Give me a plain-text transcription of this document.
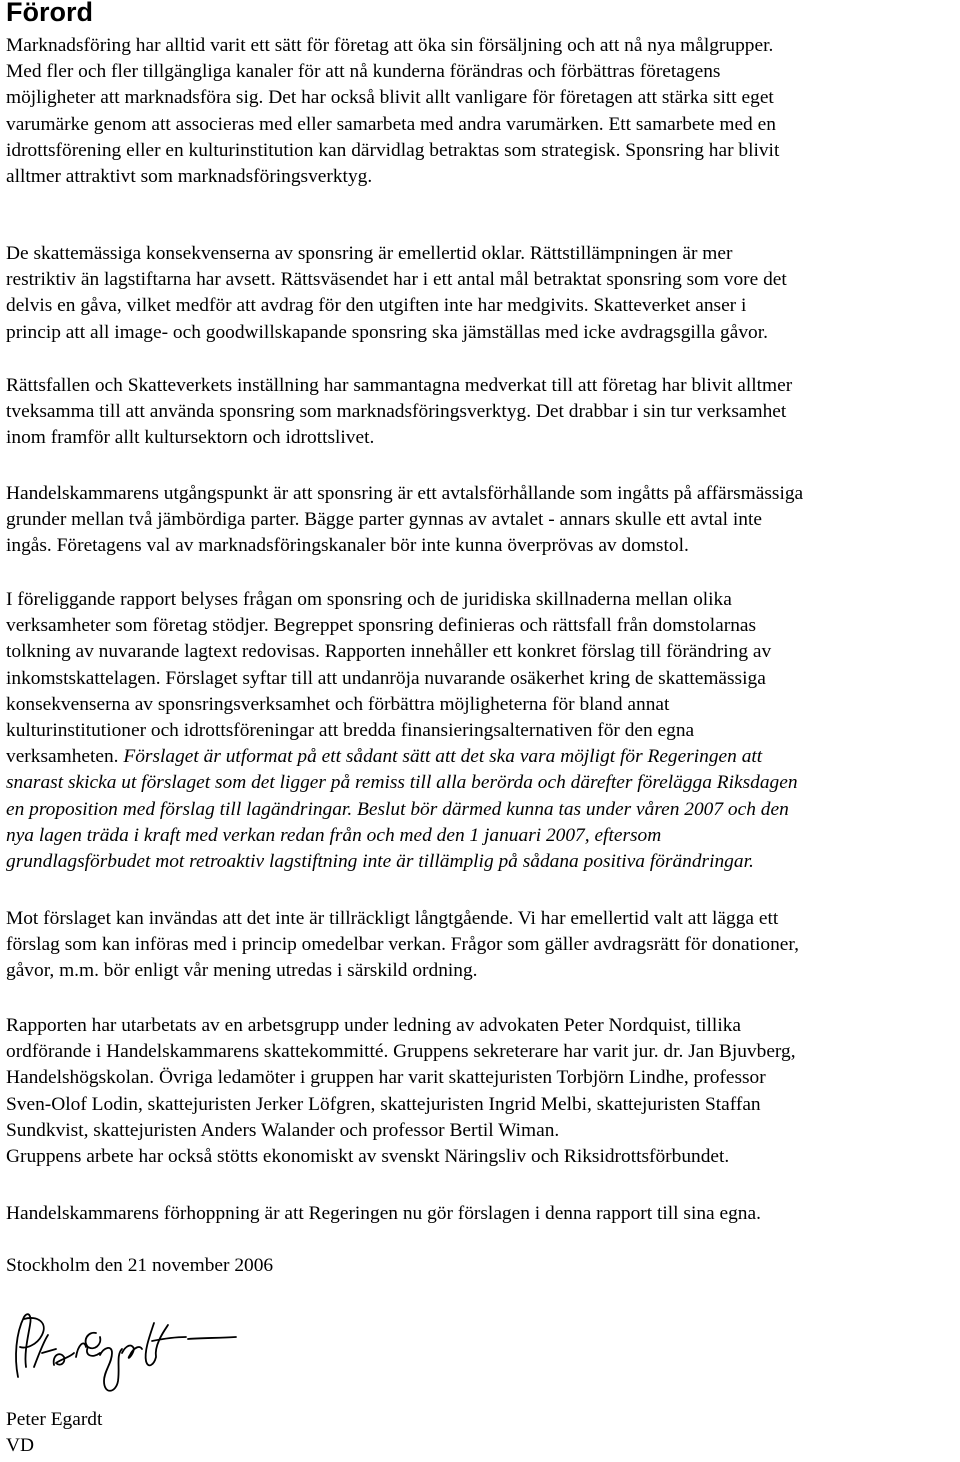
Förord

Marknadsföring har alltid varit ett sätt för företag att öka sin försäljning och att nå nya målgrupper.
Med fler och fler tillgängliga kanaler för att nå kunderna förändras och förbättras företagens
möjligheter att marknadsföra sig. Det har också blivit allt vanligare för företagen att stärka sitt eget
varumärke genom att associeras med eller samarbeta med andra varumärken. Ett samarbete med en
idrottsförening eller en kulturinstitution kan därvidlag betraktas som strategisk. Sponsring har blivit
alltmer attraktivt som marknadsföringsverktyg.

De skattemässiga konsekvenserna av sponsring är emellertid oklar. Rättstillämpningen är mer
restriktiv än lagstiftarna har avsett. Rättsväsendet har i ett antal mål betraktat sponsring som vore det
delvis en gåva, vilket medför att avdrag för den utgiften inte har medgivits. Skatteverket anser i
princip att all image- och goodwillskapande sponsring ska jämställas med icke avdragsgilla gåvor.

Rättsfallen och Skatteverkets inställning har sammantagna medverkat till att företag har blivit alltmer
tveksamma till att använda sponsring som marknadsföringsverktyg. Det drabbar i sin tur verksamhet
inom framför allt kultursektorn och idrottslivet.

Handelskammarens utgångspunkt är att sponsring är ett avtalsförhållande som ingåtts på affärsmässiga
grunder mellan två jämbördiga parter. Bägge parter gynnas av avtalet - annars skulle ett avtal inte
ingås. Företagens val av marknadsföringskanaler bör inte kunna överprövas av domstol.

I föreliggande rapport belyses frågan om sponsring och de juridiska skillnaderna mellan olika
verksamheter som företag stödjer. Begreppet sponsring definieras och rättsfall från domstolarnas
tolkning av nuvarande lagtext redovisas. Rapporten innehåller ett konkret förslag till förändring av
inkomstskattelagen. Förslaget syftar till att undanröja nuvarande osäkerhet kring de skattemässiga
konsekvenserna av sponsringsverksamhet och förbättra möjligheterna för bland annat
kulturinstitutioner och idrottsföreningar att bredda finansieringsalternativen för den egna
verksamheten. Förslaget är utformat på ett sådant sätt att det ska vara möjligt för Regeringen att
snarast skicka ut förslaget som det ligger på remiss till alla berörda och därefter förelägga Riksdagen
en proposition med förslag till lagändringar. Beslut bör därmed kunna tas under våren 2007 och den
nya lagen träda i kraft med verkan redan från och med den 1 januari 2007, eftersom
grundlagsförbudet mot retroaktiv lagstiftning inte är tillämplig på sådana positiva förändringar.

Mot förslaget kan invändas att det inte är tillräckligt långtgående. Vi har emellertid valt att lägga ett
förslag som kan införas med i princip omedelbar verkan. Frågor som gäller avdragsrätt för donationer,
gåvor, m.m. bör enligt vår mening utredas i särskild ordning.

Rapporten har utarbetats av en arbetsgrupp under ledning av advokaten Peter Nordquist, tillika
ordförande i Handelskammarens skattekommitté. Gruppens sekreterare har varit jur. dr. Jan Bjuvberg,
Handelshögskolan. Övriga ledamöter i gruppen har varit skattejuristen Torbjörn Lindhe, professor
Sven-Olof Lodin, skattejuristen Jerker Löfgren, skattejuristen Ingrid Melbi, skattejuristen Staffan
Sundkvist, skattejuristen Anders Walander och professor Bertil Wiman.
Gruppens arbete har också stötts ekonomiskt av svenskt Näringsliv och Riksidrottsförbundet.

Handelskammarens förhoppning är att Regeringen nu gör förslagen i denna rapport till sina egna.

Stockholm den 21 november 2006

Peter Egardt

VD
